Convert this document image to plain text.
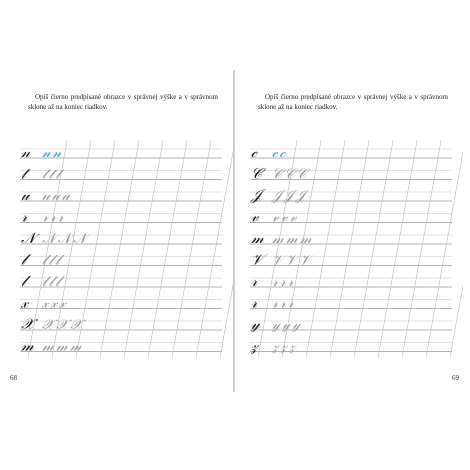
Opíš čierno predpísané obrazce v správnej výške a v správnom sklone až na koniec riadkov.
𝓃 𝓃𝓃
𝓉	𝓉𝓉𝓉
𝓊 𝓊𝓊𝓊
𝓇 𝓇𝓇𝓇
𝒩 𝒩𝒩𝒩
𝓁	𝓁𝓁𝓁
𝓁	𝓁𝓁𝓁
𝓍 𝓍𝓍𝓍
𝒳 𝒳𝒳𝒳
𝓂 𝓂𝓂𝓂
68
Opíš čierno predpísané obrazce v správnej výške a v správnom sklone až na koniec riadkov.
𝒸 𝒸𝒸
𝒞 𝒞𝒞𝒞
𝒥 𝒥𝒥𝒥
𝓋 𝓋𝓋𝓋
𝓂 𝓂𝓂𝓂
𝒱 𝒱𝒱𝒱
𝓇 𝓇𝓇𝓇
𝓇 𝓇𝓇𝓇
𝓎 𝓎𝓎𝓎
𝓏 𝓏𝓏𝓏
69
